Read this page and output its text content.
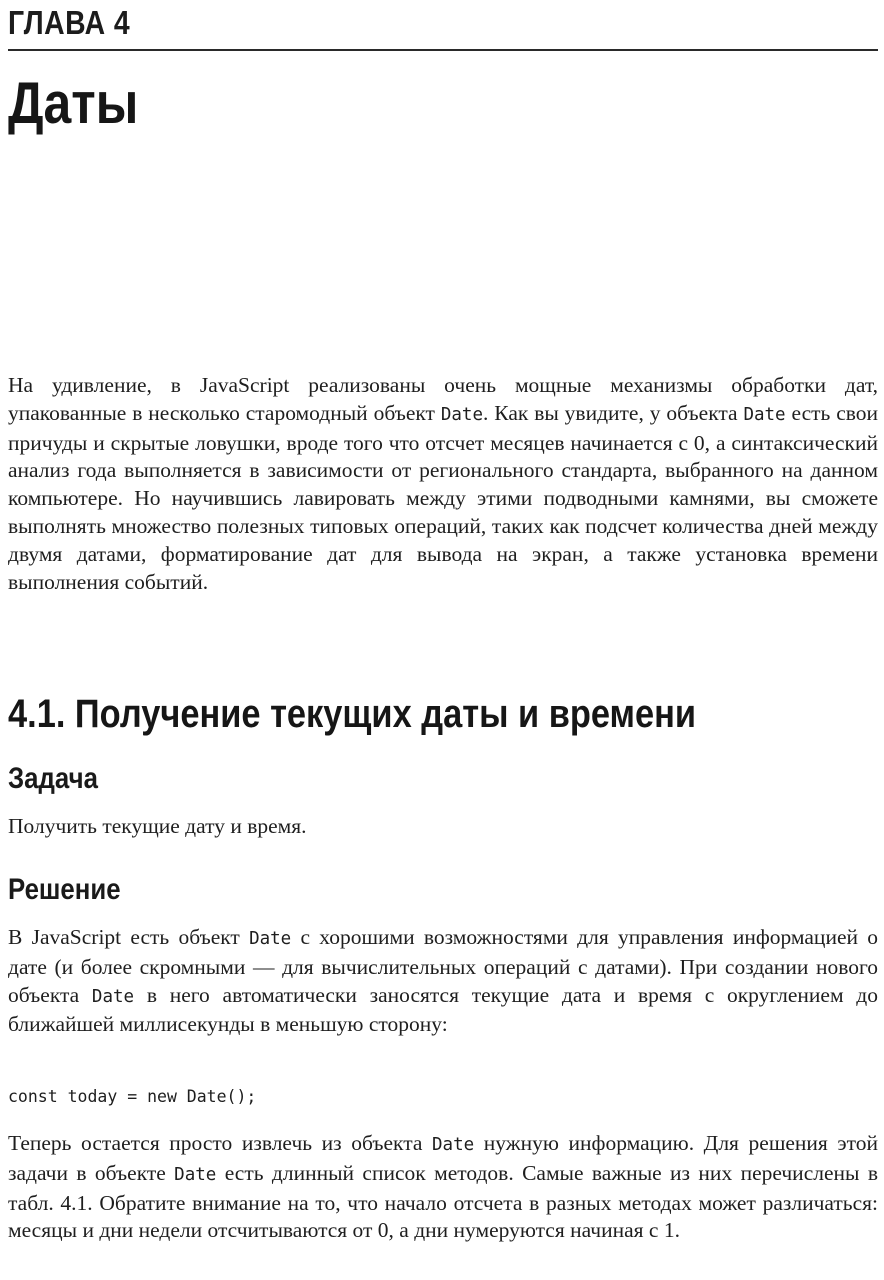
ГЛАВА 4
Даты

На удивление, в JavaScript реализованы очень мощные механизмы обработки дат, упакованные в несколько старомодный объект Date. Как вы увидите, у объекта Date есть свои причуды и скрытые ловушки, вроде того что отсчет месяцев начинается с 0, а синтаксический анализ года выполняется в зависимости от регионального стандарта, выбранного на данном компьютере. Но научившись лавировать между этими подводными камнями, вы сможете выполнять множество полезных типовых операций, таких как подсчет количества дней между двумя датами, форматирование дат для вывода на экран, а также установка времени выполнения событий.

4.1. Получение текущих даты и времени
Задача

Получить текущие дату и время.

Решение

В JavaScript есть объект Date с хорошими возможностями для управления информацией о дате (и более скромными — для вычислительных операций с датами). При создании нового объекта Date в него автоматически заносятся текущие дата и время с округлением до ближайшей миллисекунды в меньшую сторону:

const today = new Date();

Теперь остается просто извлечь из объекта Date нужную информацию. Для решения этой задачи в объекте Date есть длинный список методов. Самые важные из них перечислены в табл. 4.1. Обратите внимание на то, что начало отсчета в разных методах может различаться: месяцы и дни недели отсчитываются от 0, а дни нумеруются начиная с 1.
